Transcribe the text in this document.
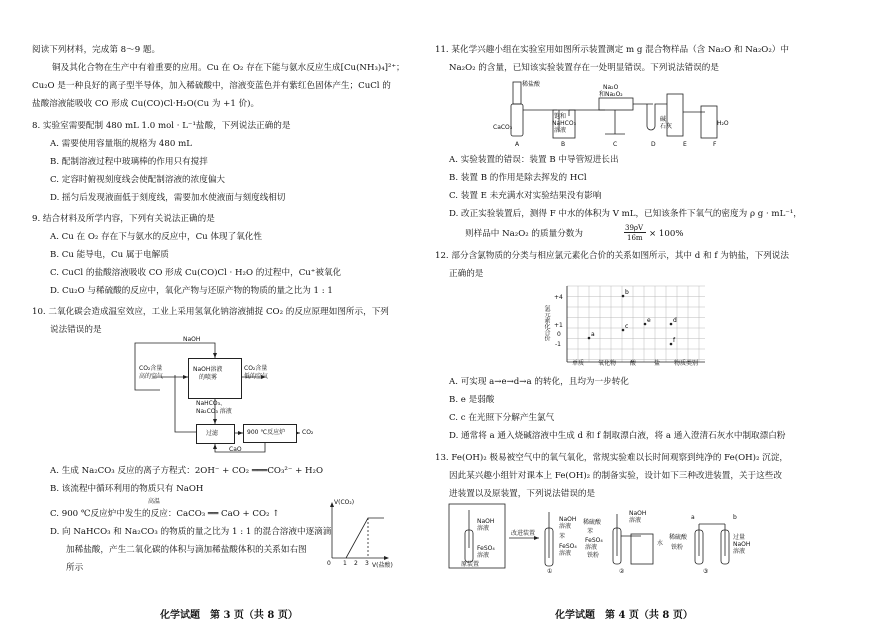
阅读下列材料，完成第 8～9 题。
铜及其化合物在生产中有着重要的应用。Cu 在 O₂ 存在下能与氨水反应生成[Cu(NH₃)₄]²⁺；
Cu₂O 是一种良好的离子型半导体，加入稀硫酸中，溶液变蓝色并有紫红色固体产生；CuCl 的
盐酸溶液能吸收 CO 形成 Cu(CO)Cl·H₂O(Cu 为 +1 价)。
8. 实验室需要配制 480 mL 1.0 mol · L⁻¹盐酸，下列说法正确的是
A. 需要使用容量瓶的规格为 480 mL
B. 配制溶液过程中玻璃棒的作用只有搅拌
C. 定容时俯视刻度线会使配制溶液的浓度偏大
D. 摇匀后发现液面低于刻度线，需要加水使液面与刻度线相切
9. 结合材料及所学内容，下列有关说法正确的是
A. Cu 在 O₂ 存在下与氨水的反应中，Cu 体现了氧化性
B. Cu 能导电，Cu 属于电解质
C. CuCl 的盐酸溶液吸收 CO 形成 Cu(CO)Cl · H₂O 的过程中，Cu⁺被氧化
D. Cu₂O 与稀硫酸的反应中，氧化产物与还原产物的物质的量之比为 1 : 1
10. 二氧化碳会造成温室效应，工业上采用氢氧化钠溶液捕捉 CO₂ 的反应原理如图所示，下列
说法错误的是
NaOH
CO₂含量
高的空气
NaOH溶液
的喷雾
CO₂含量
低的空气
NaHCO₃、
Na₂CO₃ 溶液
过滤	900 ℃反应炉	CO₂
CaO
A. 生成 Na₂CO₃ 反应的离子方程式：2OH⁻ + CO₂ ═══CO₃²⁻ + H₂O
B. 该流程中循环利用的物质只有 NaOH
C. 900 ℃反应炉中发生的反应：CaCO₃ ══ CaO + CO₂ ↑
高温
D. 向 NaHCO₃ 和 Na₂CO₃ 的物质的量之比为 1 : 1 的混合溶液中逐滴滴
加稀盐酸，产生二氧化碳的体积与滴加稀盐酸体积的关系如右图
所示
V(CO₂)
V(盐酸)
0 1 2 3
化学试题　第 3 页（共 8 页）
11. 某化学兴趣小组在实验室用如图所示装置测定 m g 混合物样品（含 Na₂O 和 Na₂O₂）中
Na₂O₂ 的含量，已知该实验装置存在一处明显错误。下列说法错误的是
稀盐酸
CaCO₃
饱和
NaHCO₃
溶液
Na₂O
和Na₂O₂
碱
石灰	H₂O
A	B	C	D	E	F
A. 实验装置的错误：装置 B 中导管短进长出
B. 装置 B 的作用是除去挥发的 HCl
C. 装置 E 未充满水对实验结果没有影响
D. 改正实验装置后，测得 F 中水的体积为 V mL，已知该条件下氧气的密度为 ρ g · mL⁻¹，
则样品中 Na₂O₂ 的质量分数为
39ρV
16m × 100%
12. 部分含氯物质的分类与相应氯元素化合价的关系如图所示，其中 d 和 f 为钠盐，下列说法
正确的是
a
b
c
d
e
f
氯元素化合价
+4
+1
0
-1
单质 氧化物 酸	盐 物质类别
A. 可实现 a→e→d→a 的转化，且均为一步转化
B. e 是弱酸
C. c 在光照下分解产生氯气
D. 通常将 a 通入烧碱溶液中生成 d 和 f 制取漂白液，将 a 通入澄清石灰水中制取漂白粉
13. Fe(OH)₂ 极易被空气中的氧气氧化，常规实验难以长时间观察到纯净的 Fe(OH)₂ 沉淀，
因此某兴趣小组针对课本上 Fe(OH)₂ 的制备实验，设计如下三种改进装置，关于这些改
进装置以及原装置，下列说法错误的是
NaOH
溶液
FeSO₄
溶液
原装置
改进装置
NaOH
溶液
苯
FeSO₄
溶液
①
NaOH
溶液
稀硫酸
苯
FeSO₄
溶液
铁粉
水
②
a	b
稀硫酸
铁粉
过量
NaOH
溶液
③
化学试题　第 4 页（共 8 页）
